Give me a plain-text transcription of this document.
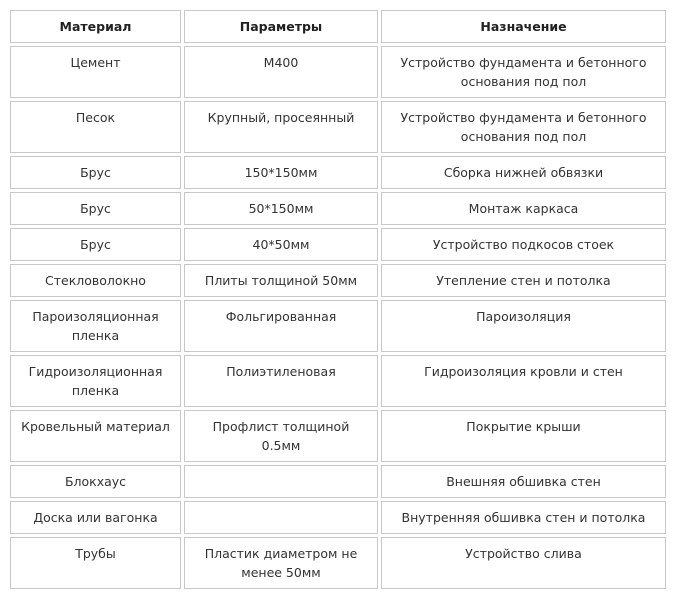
Материал	Параметры	Назначение
Цемент	М400	Устройство фундамента и бетонного основания под пол
Песок	Крупный, просеянный	Устройство фундамента и бетонного основания под пол
Брус	150*150мм	Сборка нижней обвязки
Брус	50*150мм	Монтаж каркаса
Брус	40*50мм	Устройство подкосов стоек
Стекловолокно	Плиты толщиной 50мм	Утепление стен и потолка
Пароизоляционная пленка	Фольгированная	Пароизоляция
Гидроизоляционная пленка	Полиэтиленовая	Гидроизоляция кровли и стен
Кровельный материал	Профлист толщиной 0.5мм	Покрытие крыши
Блокхаус		Внешняя обшивка стен
Доска или вагонка		Внутренняя обшивка стен и потолка
Трубы	Пластик диаметром не менее 50мм	Устройство слива
